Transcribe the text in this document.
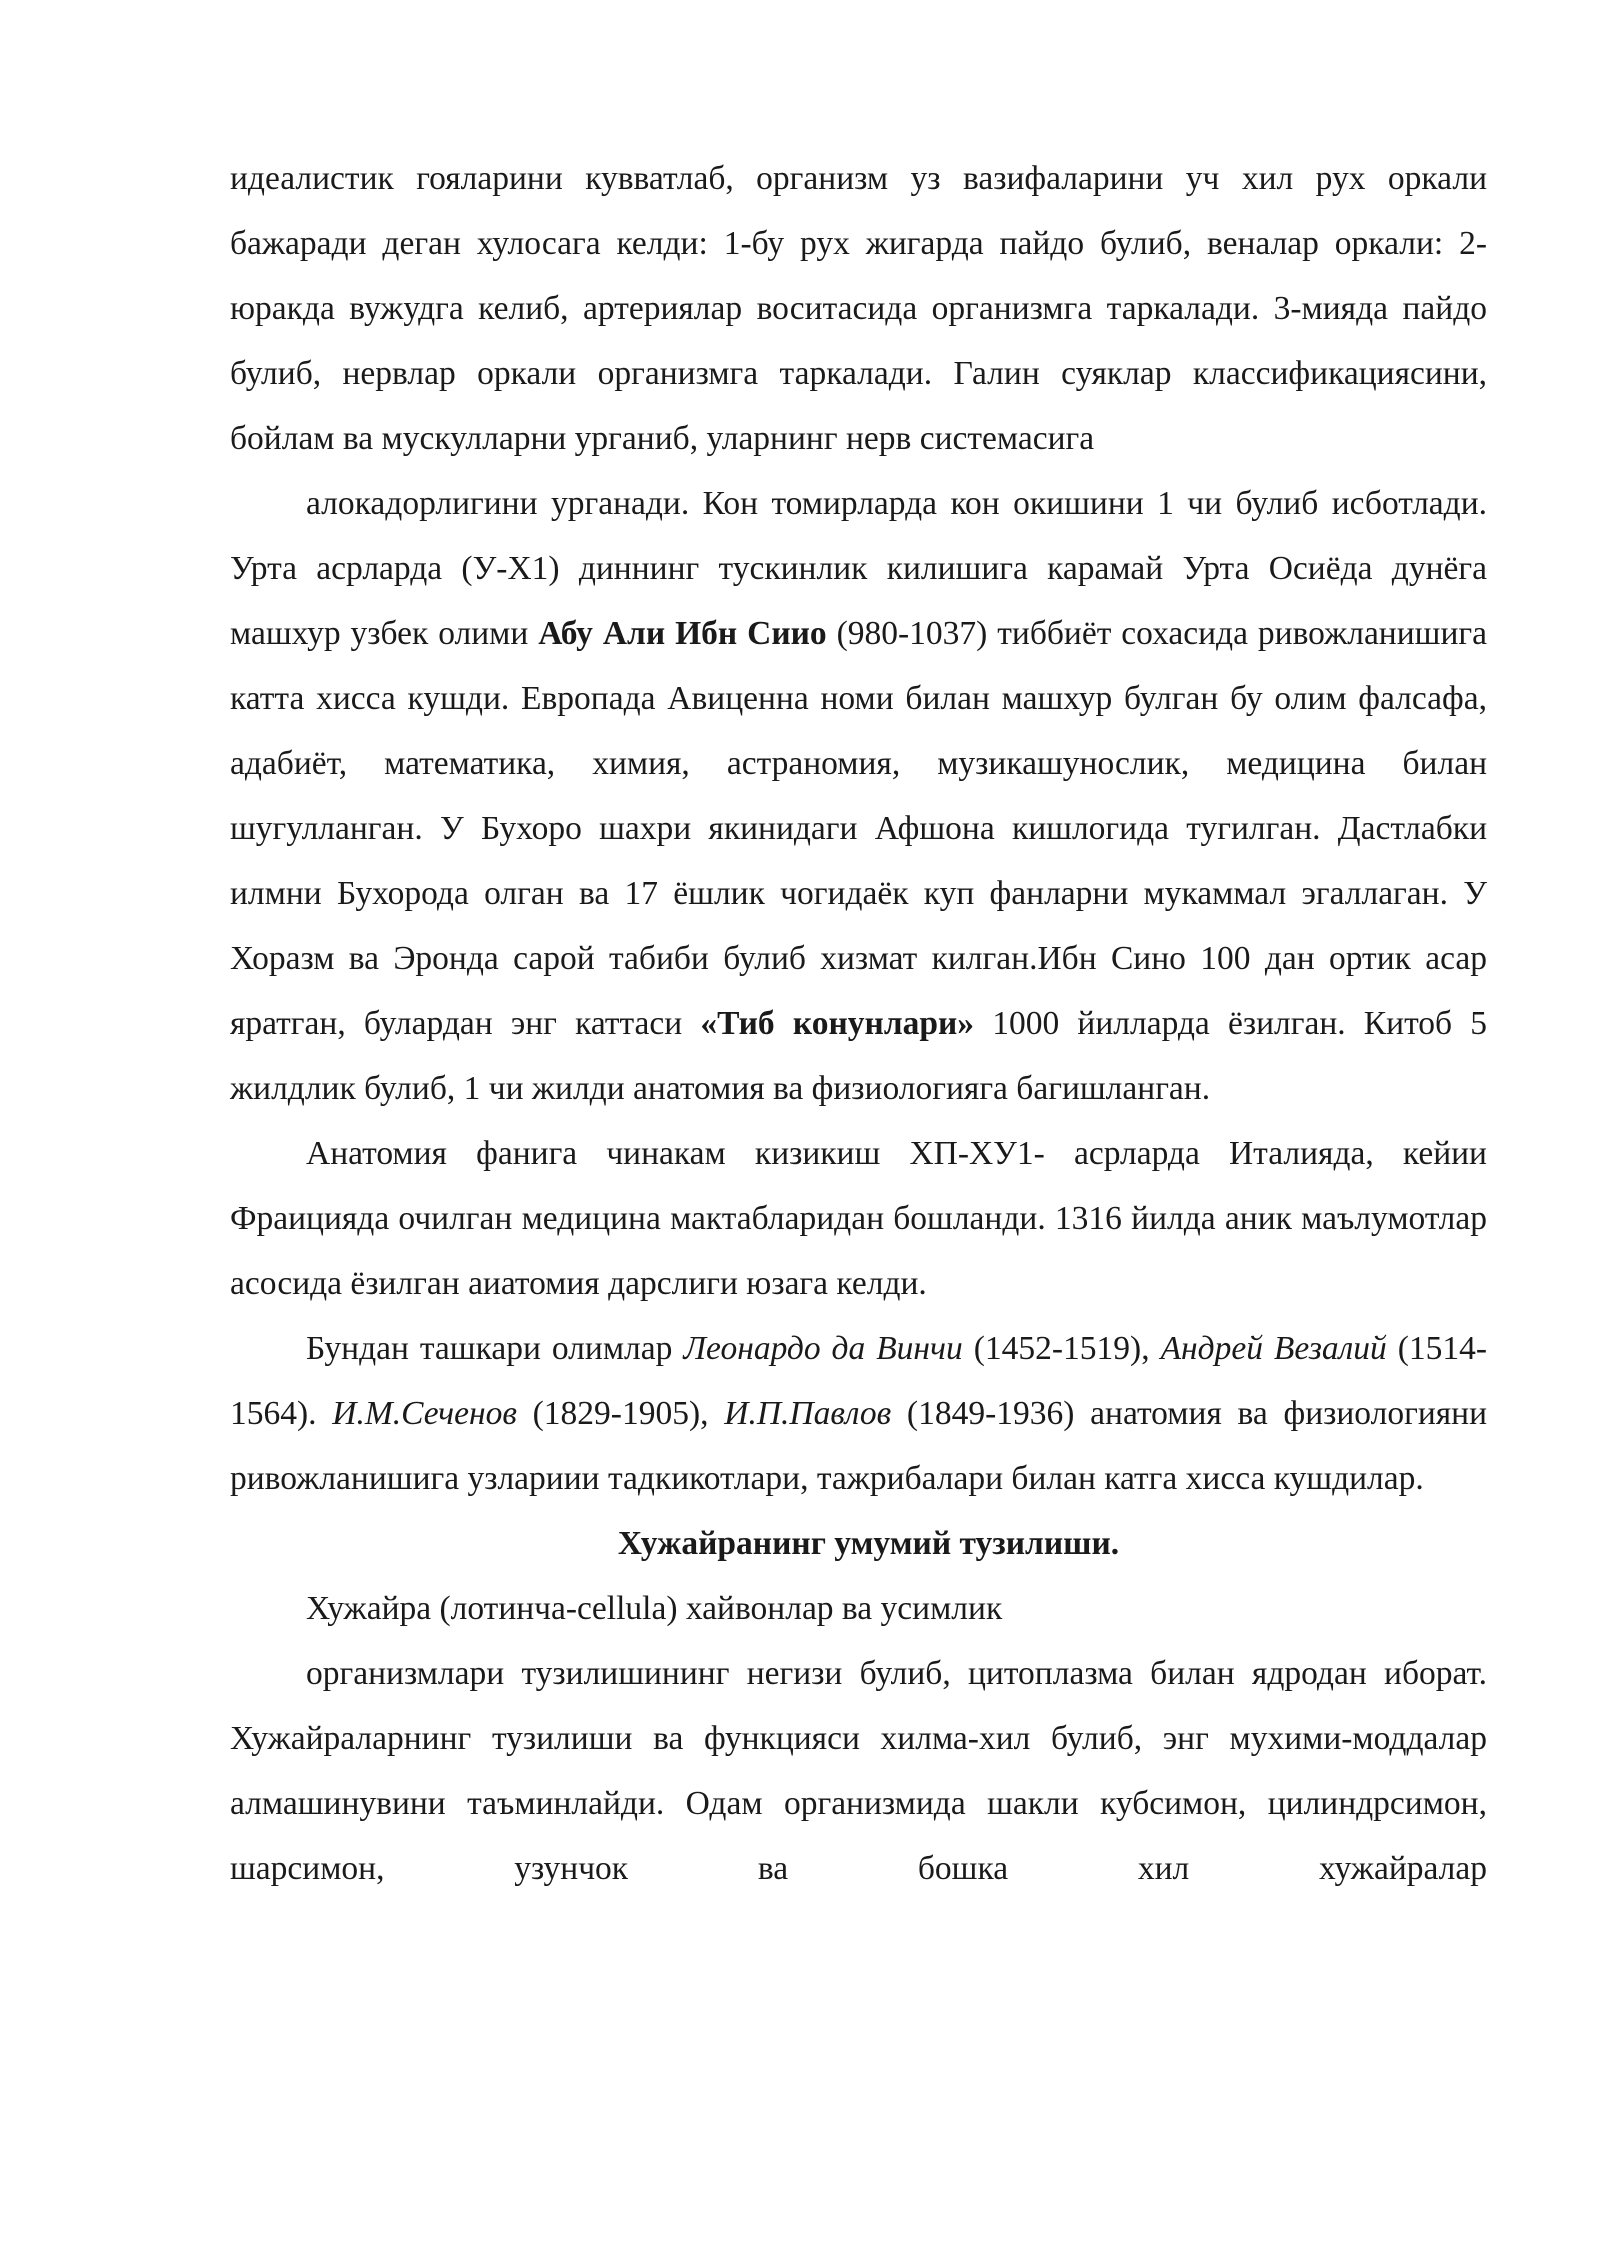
идеалистик гояларини кувватлаб, организм уз вазифаларини уч хил рух оркали бажаради деган хулосага келди: 1-бу рух жигарда пайдо булиб, веналар оркали: 2-юракда вужудга келиб, артериялар воситасида организмга таркалади. 3-мияда пайдо булиб, нервлар оркали организмга таркалади. Галин суяклар классификациясини, бойлам ва мускулларни урганиб, уларнинг нерв системасига

алокадорлигини урганади. Кон томирларда кон окишини 1 чи булиб исботлади. Урта асрларда (У-Х1) диннинг тускинлик килишига карамай Урта Осиёда дунёга машхур узбек олими Абу Али Ибн Сиио (980-1037) тиббиёт сохасида ривожланишига катта хисса кушди. Европада Авиценна номи билан машхур булган бу олим фалсафа, адабиёт, математика, химия, астраномия, музикашунослик, медицина билан шугулланган. У Бухоро шахри якинидаги Афшона кишлогида тугилган. Дастлабки илмни Бухорода олган ва 17 ёшлик чогидаёк куп фанларни мукаммал эгаллаган. У Хоразм ва Эронда сарой табиби булиб хизмат килган.Ибн Сино 100 дан ортик асар яратган, булардан энг каттаси «Тиб конунлари» 1000 йилларда ёзилган. Китоб 5 жилдлик булиб, 1 чи жилди анатомия ва физиологияга багишланган.

Анатомия фанига чинакам кизикиш ХП-ХУ1- асрларда Италияда, кейии Фраицияда очилган медицина мактабларидан бошланди. 1316 йилда аник маълумотлар асосида ёзилган аиатомия дарслиги юзага келди.

Бундан ташкари олимлар Леонардо да Винчи (1452-1519), Андрей Везалий (1514-1564). И.М.Сеченов (1829-1905), И.П.Павлов (1849-1936) анатомия ва физиологияни ривожланишига узлариии тадкикотлари, тажрибалари билан катга хисса кушдилар.

Хужайранинг умумий тузилиши.

Хужайра (лотинча-cellula) хайвонлар ва усимлик

организмлари тузилишининг негизи булиб, цитоплазма билан ядродан иборат. Хужайраларнинг тузилиши ва функцияси хилма-хил булиб, энг мухими-моддалар алмашинувини таъминлайди. Одам организмида шакли кубсимон, цилиндрсимон, шарсимон, узунчок ва бошка хил хужайралар
